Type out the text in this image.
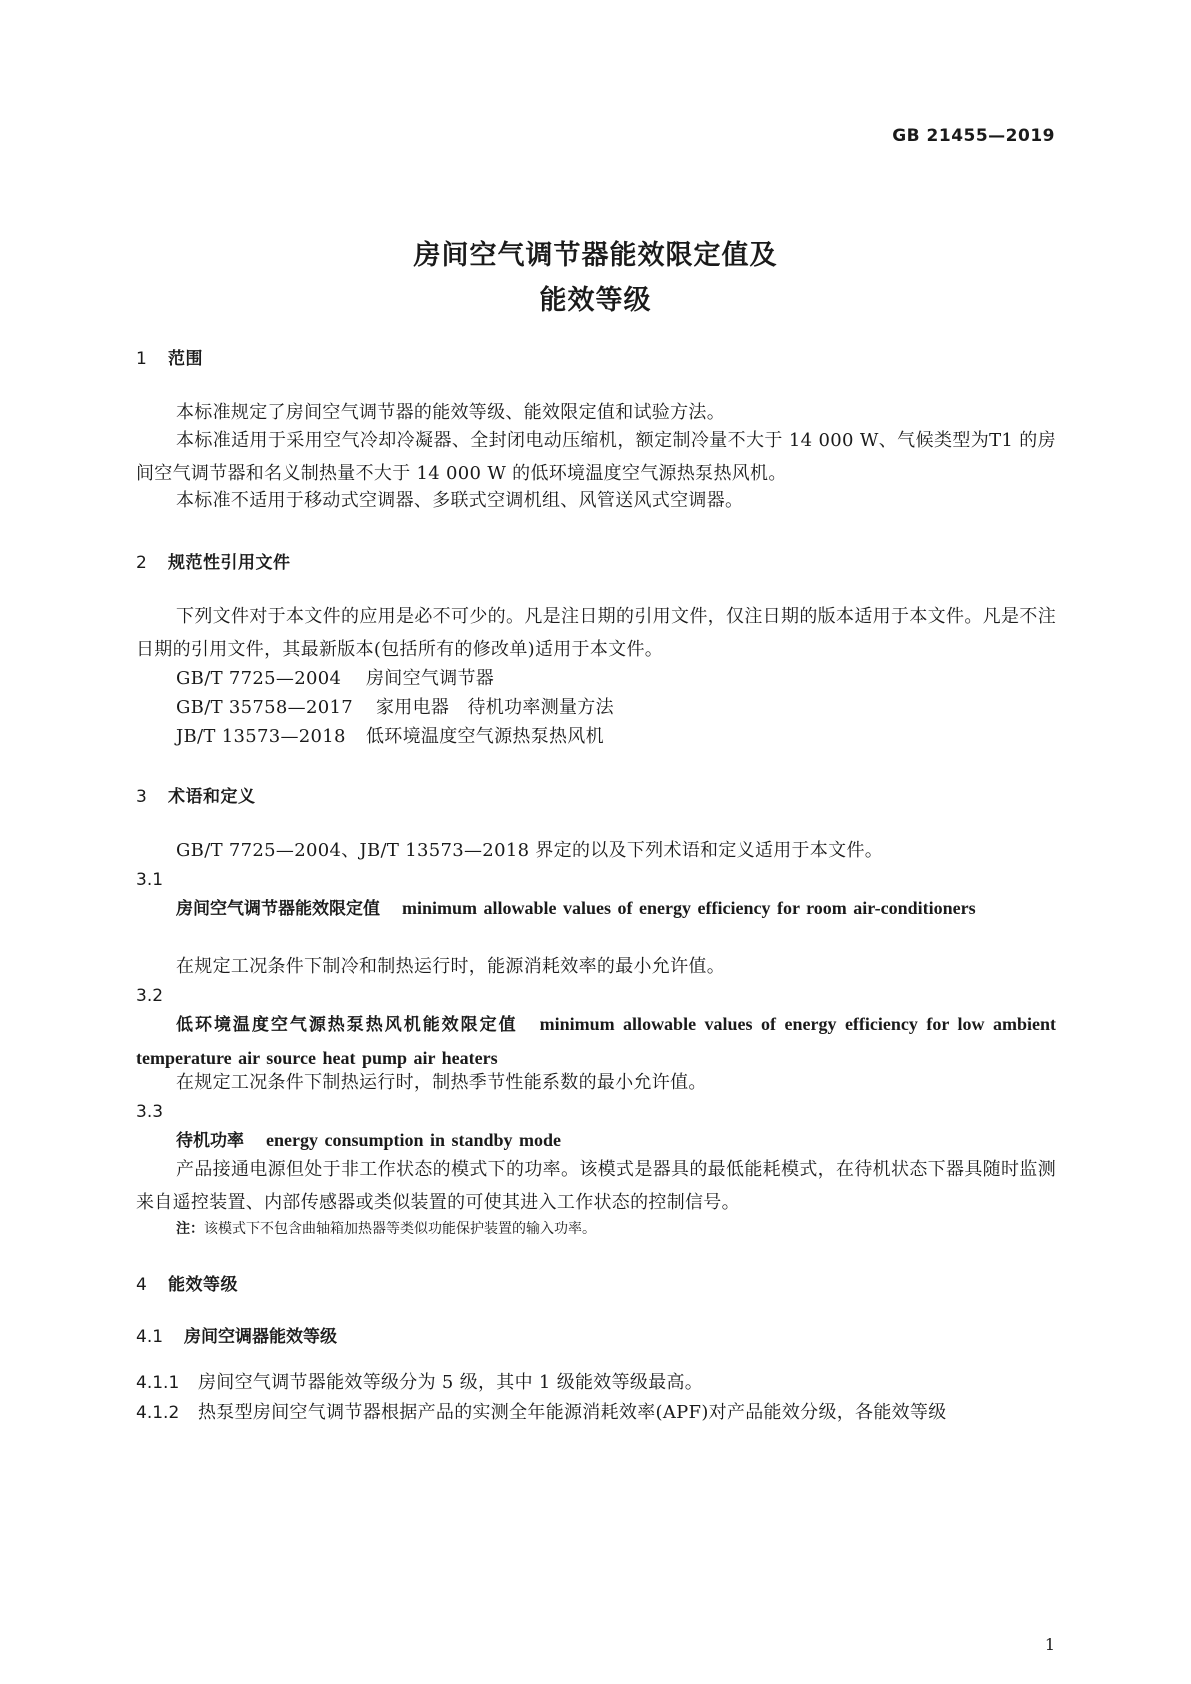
GB 21455—2019
房间空气调节器能效限定值及
能效等级
1 范围
本标准规定了房间空气调节器的能效等级、能效限定值和试验方法。
本标准适用于采用空气冷却冷凝器、全封闭电动压缩机，额定制冷量不大于 14 000 W、气候类型为T1 的房间空气调节器和名义制热量不大于 14 000 W 的低环境温度空气源热泵热风机。
本标准不适用于移动式空调器、多联式空调机组、风管送风式空调器。
2 规范性引用文件
下列文件对于本文件的应用是必不可少的。凡是注日期的引用文件，仅注日期的版本适用于本文件。凡是不注日期的引用文件，其最新版本(包括所有的修改单)适用于本文件。
GB/T 7725—2004 房间空气调节器
GB/T 35758—2017 家用电器　待机功率测量方法
JB/T 13573—2018 低环境温度空气源热泵热风机
3 术语和定义
GB/T 7725—2004、JB/T 13573—2018 界定的以及下列术语和定义适用于本文件。
3.1
房间空气调节器能效限定值 minimum allowable values of energy efficiency for room air-conditioners
在规定工况条件下制冷和制热运行时，能源消耗效率的最小允许值。
3.2
低环境温度空气源热泵热风机能效限定值 minimum allowable values of energy efficiency for low ambient temperature air source heat pump air heaters
在规定工况条件下制热运行时，制热季节性能系数的最小允许值。
3.3
待机功率 energy consumption in standby mode
产品接通电源但处于非工作状态的模式下的功率。该模式是器具的最低能耗模式，在待机状态下器具随时监测来自遥控装置、内部传感器或类似装置的可使其进入工作状态的控制信号。
注：该模式下不包含曲轴箱加热器等类似功能保护装置的输入功率。
4 能效等级
4.1 房间空调器能效等级
4.1.1 房间空气调节器能效等级分为 5 级，其中 1 级能效等级最高。
4.1.2 热泵型房间空气调节器根据产品的实测全年能源消耗效率(APF)对产品能效分级，各能效等级
1
